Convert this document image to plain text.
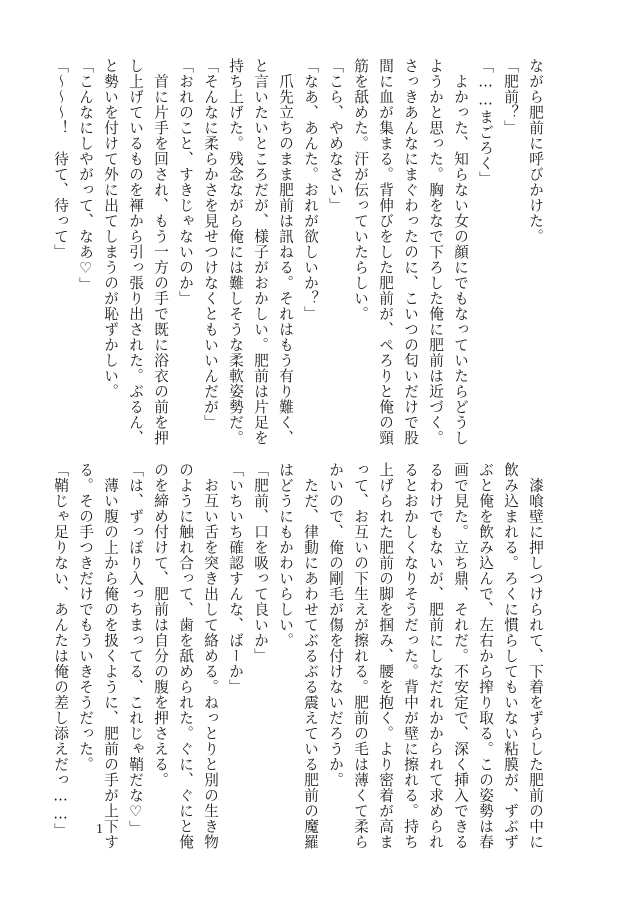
ながら肥前に呼びかけた。

「肥前？」

「……まごろく」

　よかった、知らない女の顔にでもなっていたらどうし

ようかと思った。胸をなで下ろした俺に肥前は近づく。

さっきあんなにまぐわったのに、こいつの匂いだけで股

間に血が集まる。背伸びをした肥前が、ぺろりと俺の頸

筋を舐めた。汗が伝っていたらしい。

「こら、やめなさい」

「なあ、あんた。おれが欲しいか？」

　爪先立ちのまま肥前は訊ねる。それはもう有り難く、

と言いたいところだが、様子がおかしい。肥前は片足を

持ち上げた。残念ながら俺には難しそうな柔軟姿勢だ。

「そんなに柔らかさを見せつけなくともいいんだが」

「おれのこと、すきじゃないのか」

　首に片手を回され、もう一方の手で既に浴衣の前を押

し上げているものを褌から引っ張り出された。ぶるん、

と勢いを付けて外に出てしまうのが恥ずかしい。

「こんなにしやがって、なあ♡」

「～～～！　待て、待って」

　漆喰壁に押しつけられて、下着をずらした肥前の中に

飲み込まれる。ろくに慣らしてもいない粘膜が、ずぶず

ぶと俺を飲み込んで、左右から搾り取る。この姿勢は春

画で見た。立ち鼎、それだ。不安定で、深く挿入できる

るわけでもないが、肥前にしなだれかかられて求められ

るとおかしくなりそうだった。背中が壁に擦れる。持ち

上げられた肥前の脚を掴み、腰を抱く。より密着が高ま

って、お互いの下生えが擦れる。肥前の毛は薄くて柔ら

かいので、俺の剛毛が傷を付けないだろうか。

　ただ、律動にあわせてぶるぶる震えている肥前の魔羅

はどうにもかわいらしい。

「肥前、口を吸って良いか」

「いちいち確認すんな、ばーか」

　お互い舌を突き出して絡める。ねっとりと別の生き物

のように触れ合って、歯を舐められた。ぐに、ぐにと俺

のを締め付けて、肥前は自分の腹を押さえる。

「は、ずっぽり入っちまってる、これじゃ鞘だな♡」

　薄い腹の上から俺のを扱くように、肥前の手が上下す

る。その手つきだけでもういきそうだった。

「鞘じゃ足りない、あんたは俺の差し添えだっ……」 1
